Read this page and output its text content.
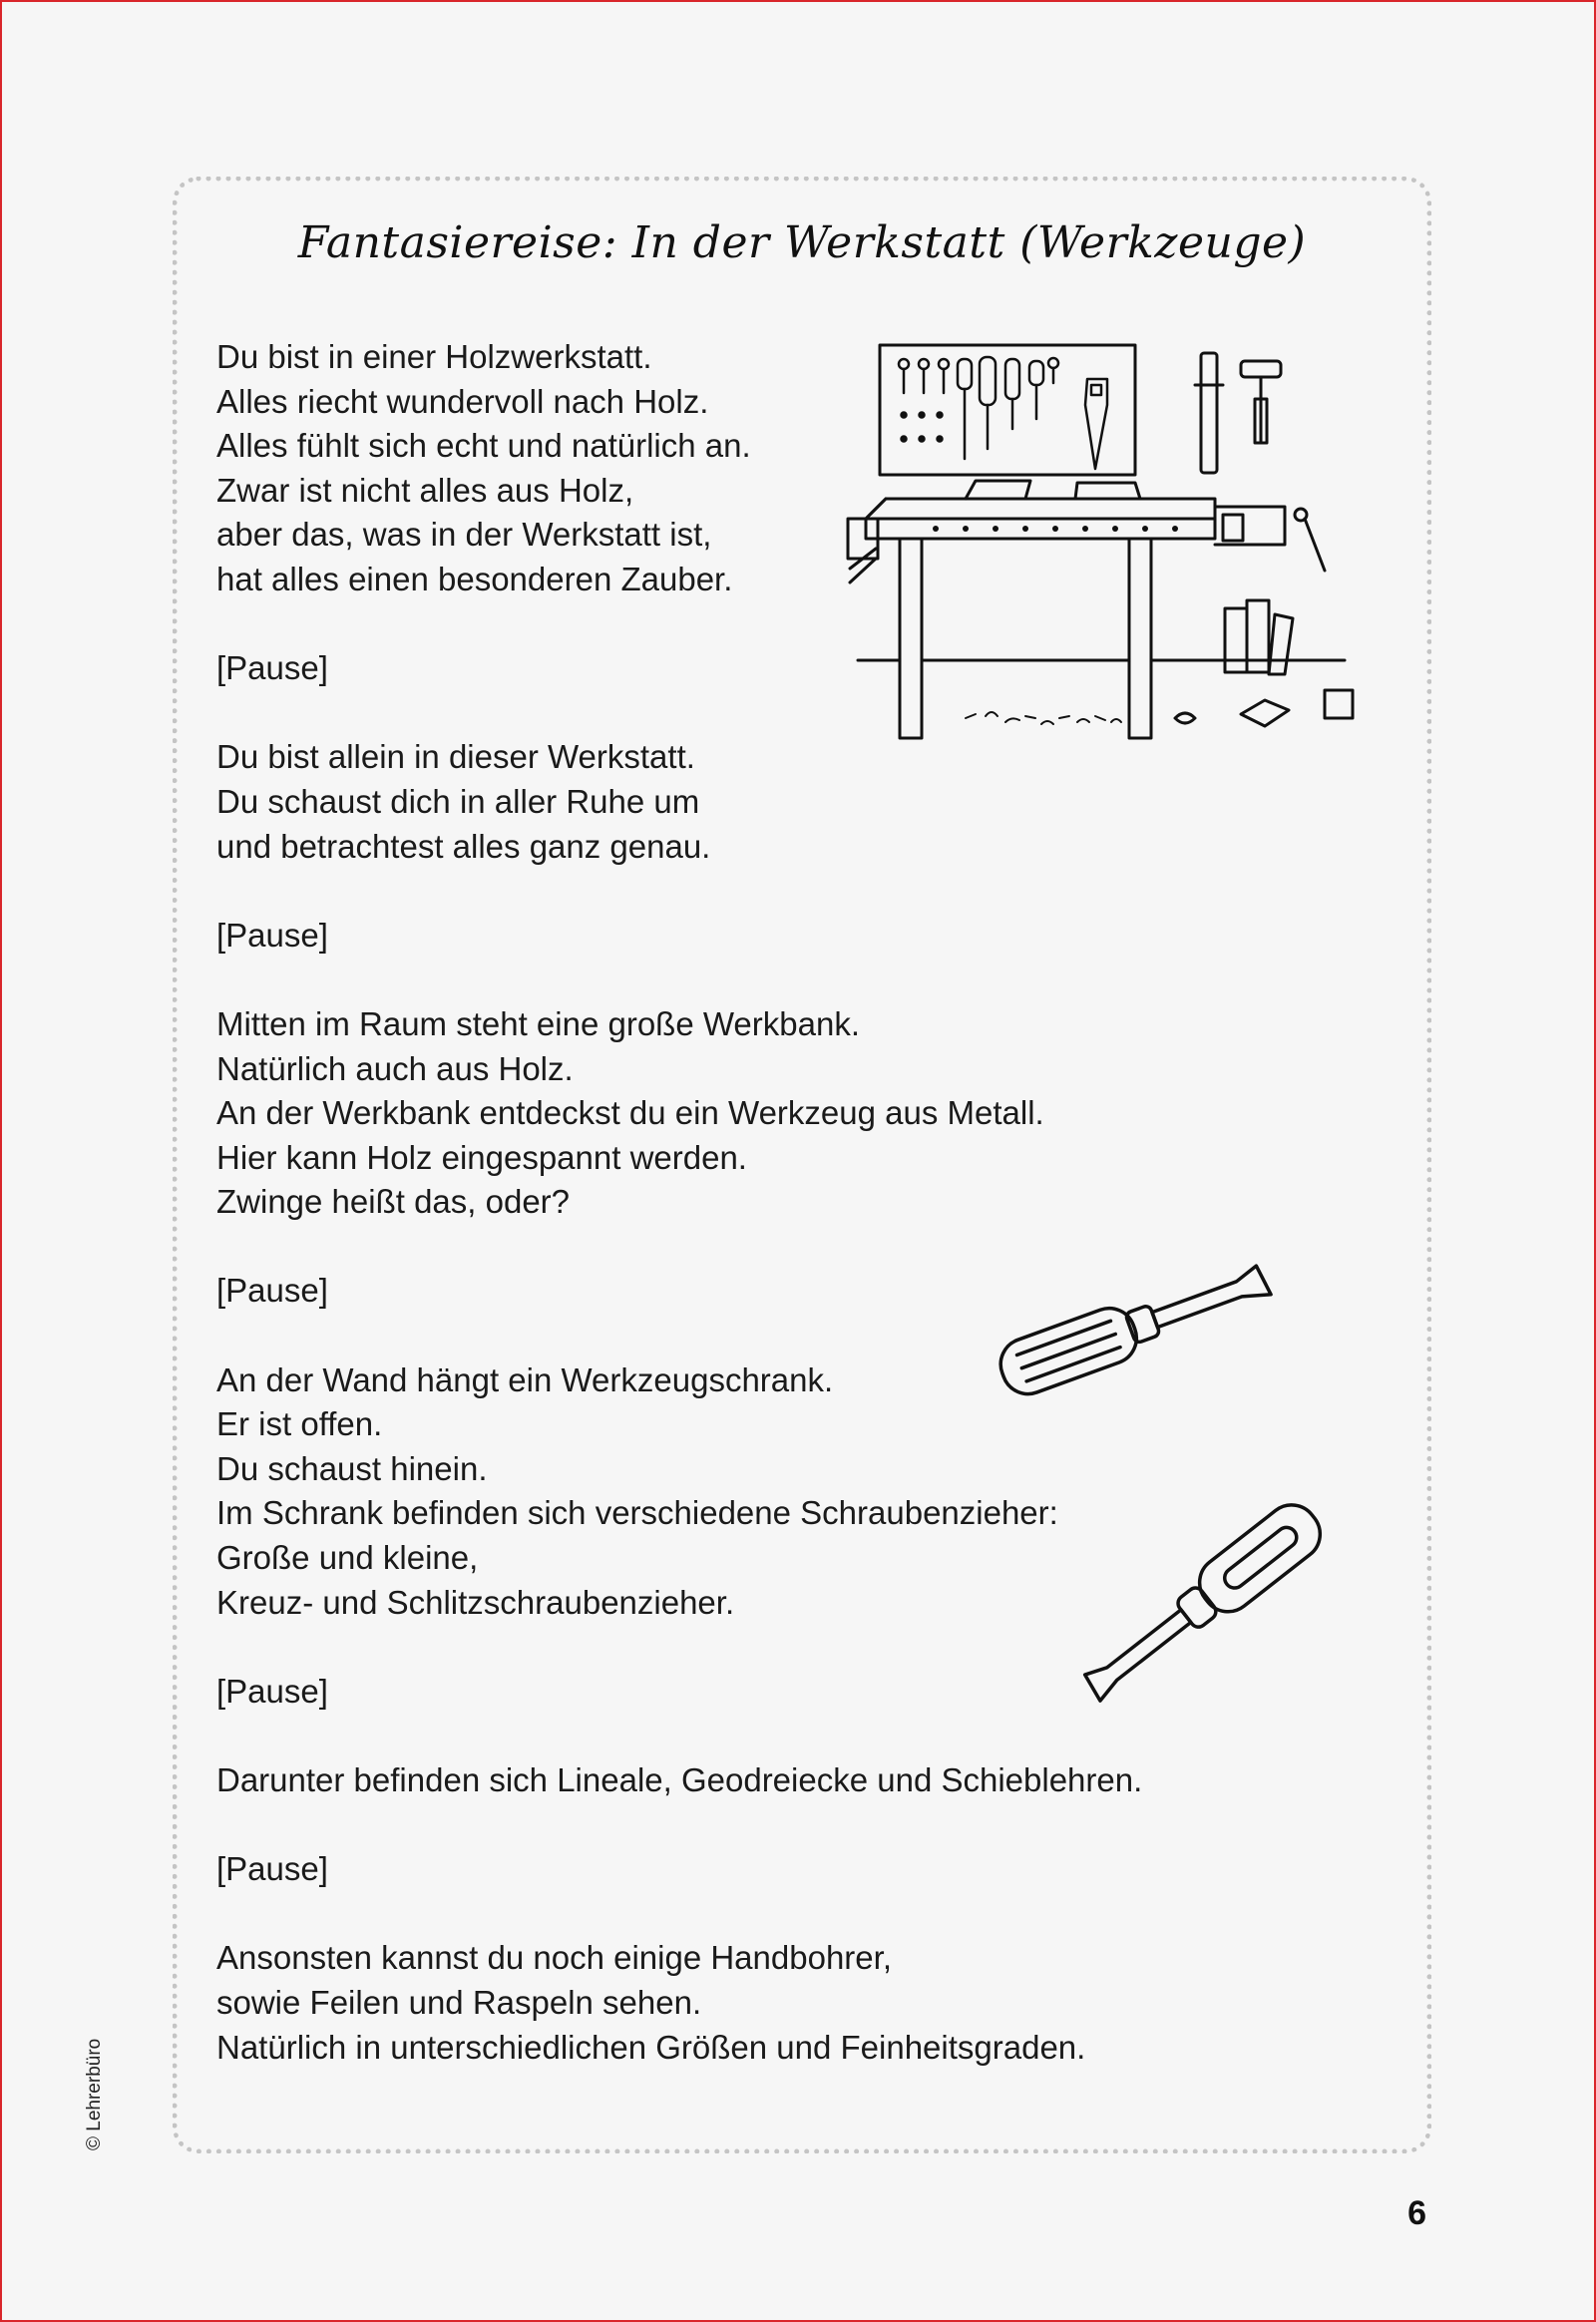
Fantasiereise: In der Werkstatt (Werkzeuge)

Du bist in einer Holzwerkstatt.

Alles riecht wundervoll nach Holz.

Alles fühlt sich echt und natürlich an.

Zwar ist nicht alles aus Holz,

aber das, was in der Werkstatt ist,

hat alles einen besonderen Zauber.

[Pause]

Du bist allein in dieser Werkstatt.

Du schaust dich in aller Ruhe um

und betrachtest alles ganz genau.

[Pause]

Mitten im Raum steht eine große Werkbank.

Natürlich auch aus Holz.

An der Werkbank entdeckst du ein Werkzeug aus Metall.

Hier kann Holz eingespannt werden.

Zwinge heißt das, oder?

[Pause]

An der Wand hängt ein Werkzeugschrank.

Er ist offen.

Du schaust hinein.

Im Schrank befinden sich verschiedene Schraubenzieher:

Große und kleine,

Kreuz- und Schlitzschraubenzieher.

[Pause]

Darunter befinden sich Lineale, Geodreiecke und Schieblehren.

[Pause]

Ansonsten kannst du noch einige Handbohrer,

sowie Feilen und Raspeln sehen.

Natürlich in unterschiedlichen Größen und Feinheitsgraden.

© Lehrerbüro
6
